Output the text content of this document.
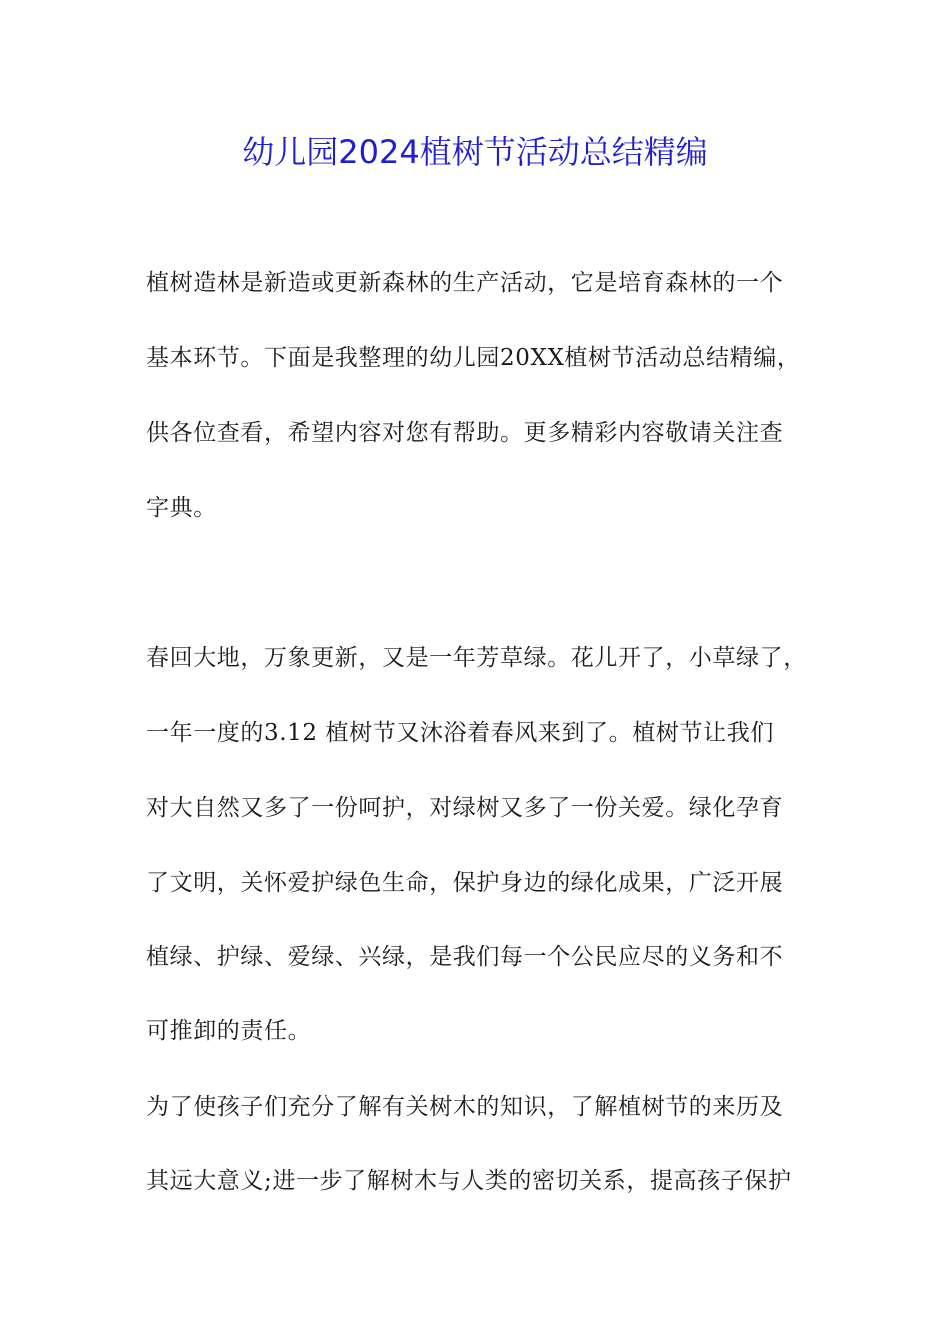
幼儿园2024植树节活动总结精编

植树造林是新造或更新森林的生产活动，它是培育森林的一个

基本环节。下面是我整理的幼儿园20XX植树节活动总结精编，

供各位查看，希望内容对您有帮助。更多精彩内容敬请关注查

字典。

春回大地，万象更新，又是一年芳草绿。花儿开了，小草绿了，

一年一度的3.12 植树节又沐浴着春风来到了。植树节让我们

对大自然又多了一份呵护，对绿树又多了一份关爱。绿化孕育

了文明，关怀爱护绿色生命，保护身边的绿化成果，广泛开展

植绿、护绿、爱绿、兴绿，是我们每一个公民应尽的义务和不

可推卸的责任。

为了使孩子们充分了解有关树木的知识，了解植树节的来历及

其远大意义;进一步了解树木与人类的密切关系，提高孩子保护
